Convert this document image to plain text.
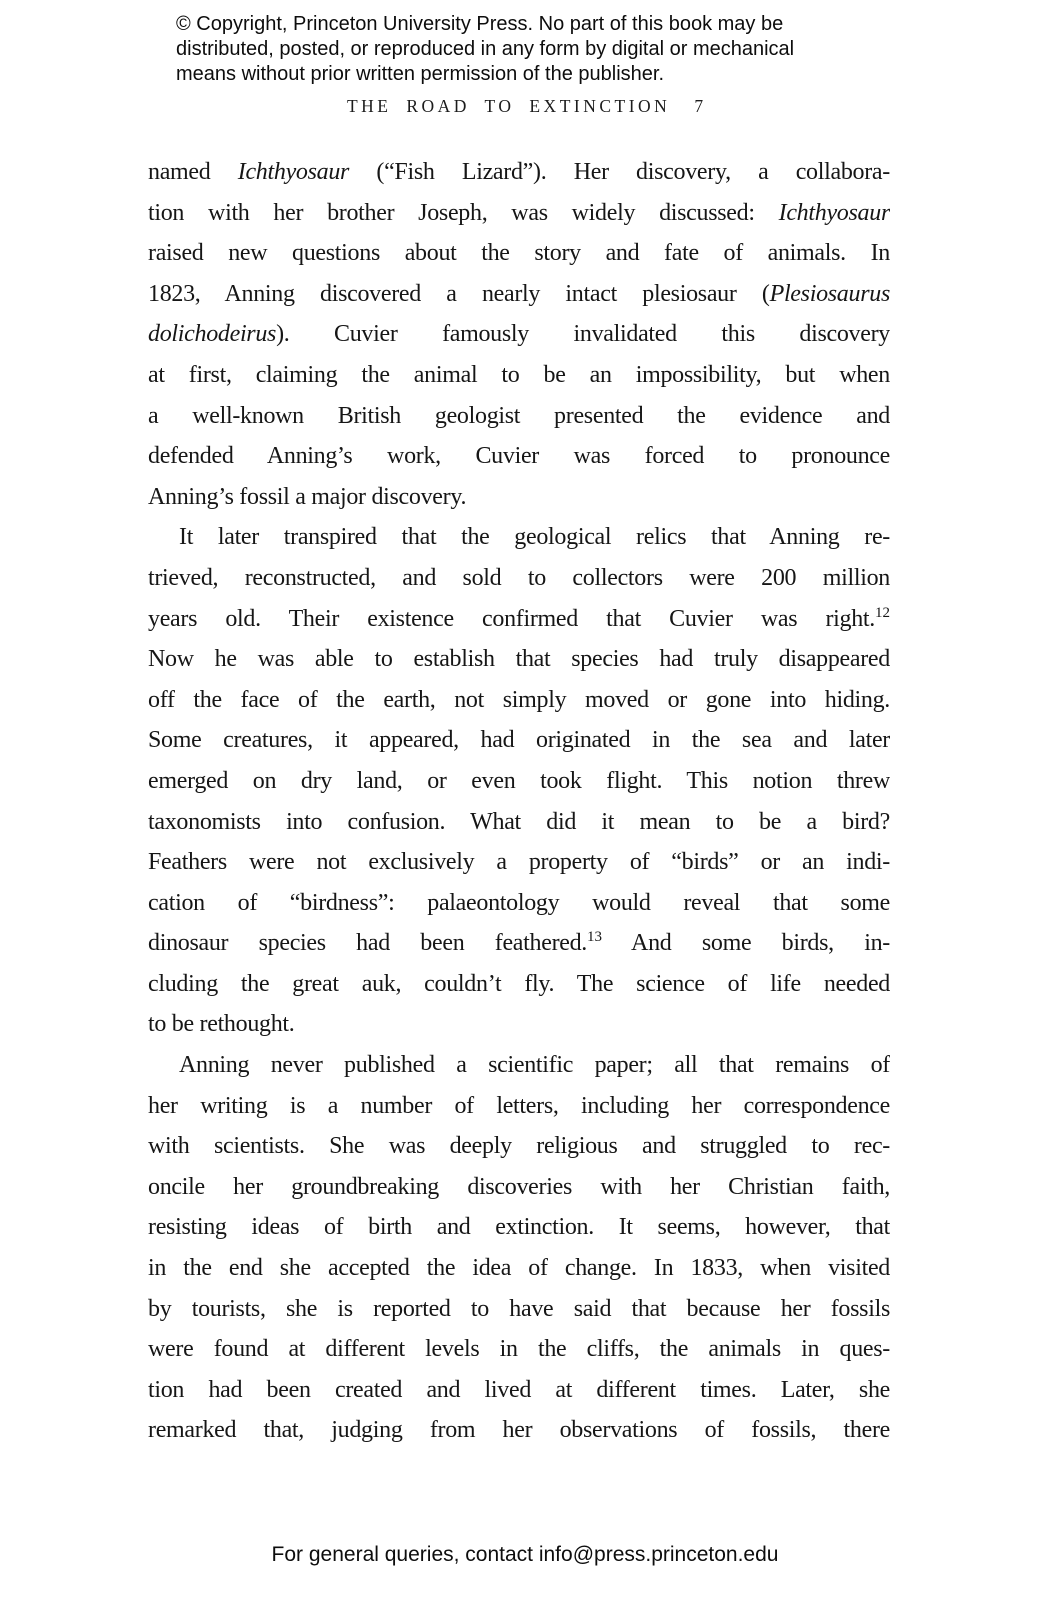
© Copyright, Princeton University Press. No part of this book may be
distributed, posted, or reproduced in any form by digital or mechanical
means without prior written permission of the publisher.
THE ROAD TO EXTINCTION 7
named Ichthyosaur (“Fish Lizard”). Her discovery, a collabora-
tion with her brother Joseph, was widely discussed: Ichthyosaur
raised new questions about the story and fate of animals. In
1823, Anning discovered a nearly intact plesiosaur (Plesiosaurus
dolichodeirus). Cuvier famously invalidated this discovery
at first, claiming the animal to be an impossibility, but when
a well-known British geologist presented the evidence and
defended Anning’s work, Cuvier was forced to pronounce
Anning’s fossil a major discovery.
It later transpired that the geological relics that Anning re-
trieved, reconstructed, and sold to collectors were 200 million
years old. Their existence confirmed that Cuvier was right.$^{12}$
Now he was able to establish that species had truly disappeared
off the face of the earth, not simply moved or gone into hiding.
Some creatures, it appeared, had originated in the sea and later
emerged on dry land, or even took flight. This notion threw
taxonomists into confusion. What did it mean to be a bird?
Feathers were not exclusively a property of “birds” or an indi-
cation of “birdness”: palaeontology would reveal that some
dinosaur species had been feathered.$^{13}$ And some birds, in-
cluding the great auk, couldn’t fly. The science of life needed
to be rethought.
Anning never published a scientific paper; all that remains of
her writing is a number of letters, including her correspondence
with scientists. She was deeply religious and struggled to rec-
oncile her groundbreaking discoveries with her Christian faith,
resisting ideas of birth and extinction. It seems, however, that
in the end she accepted the idea of change. In 1833, when visited
by tourists, she is reported to have said that because her fossils
were found at different levels in the cliffs, the animals in ques-
tion had been created and lived at different times. Later, she
remarked that, judging from her observations of fossils, there
For general queries, contact info@press.princeton.edu
